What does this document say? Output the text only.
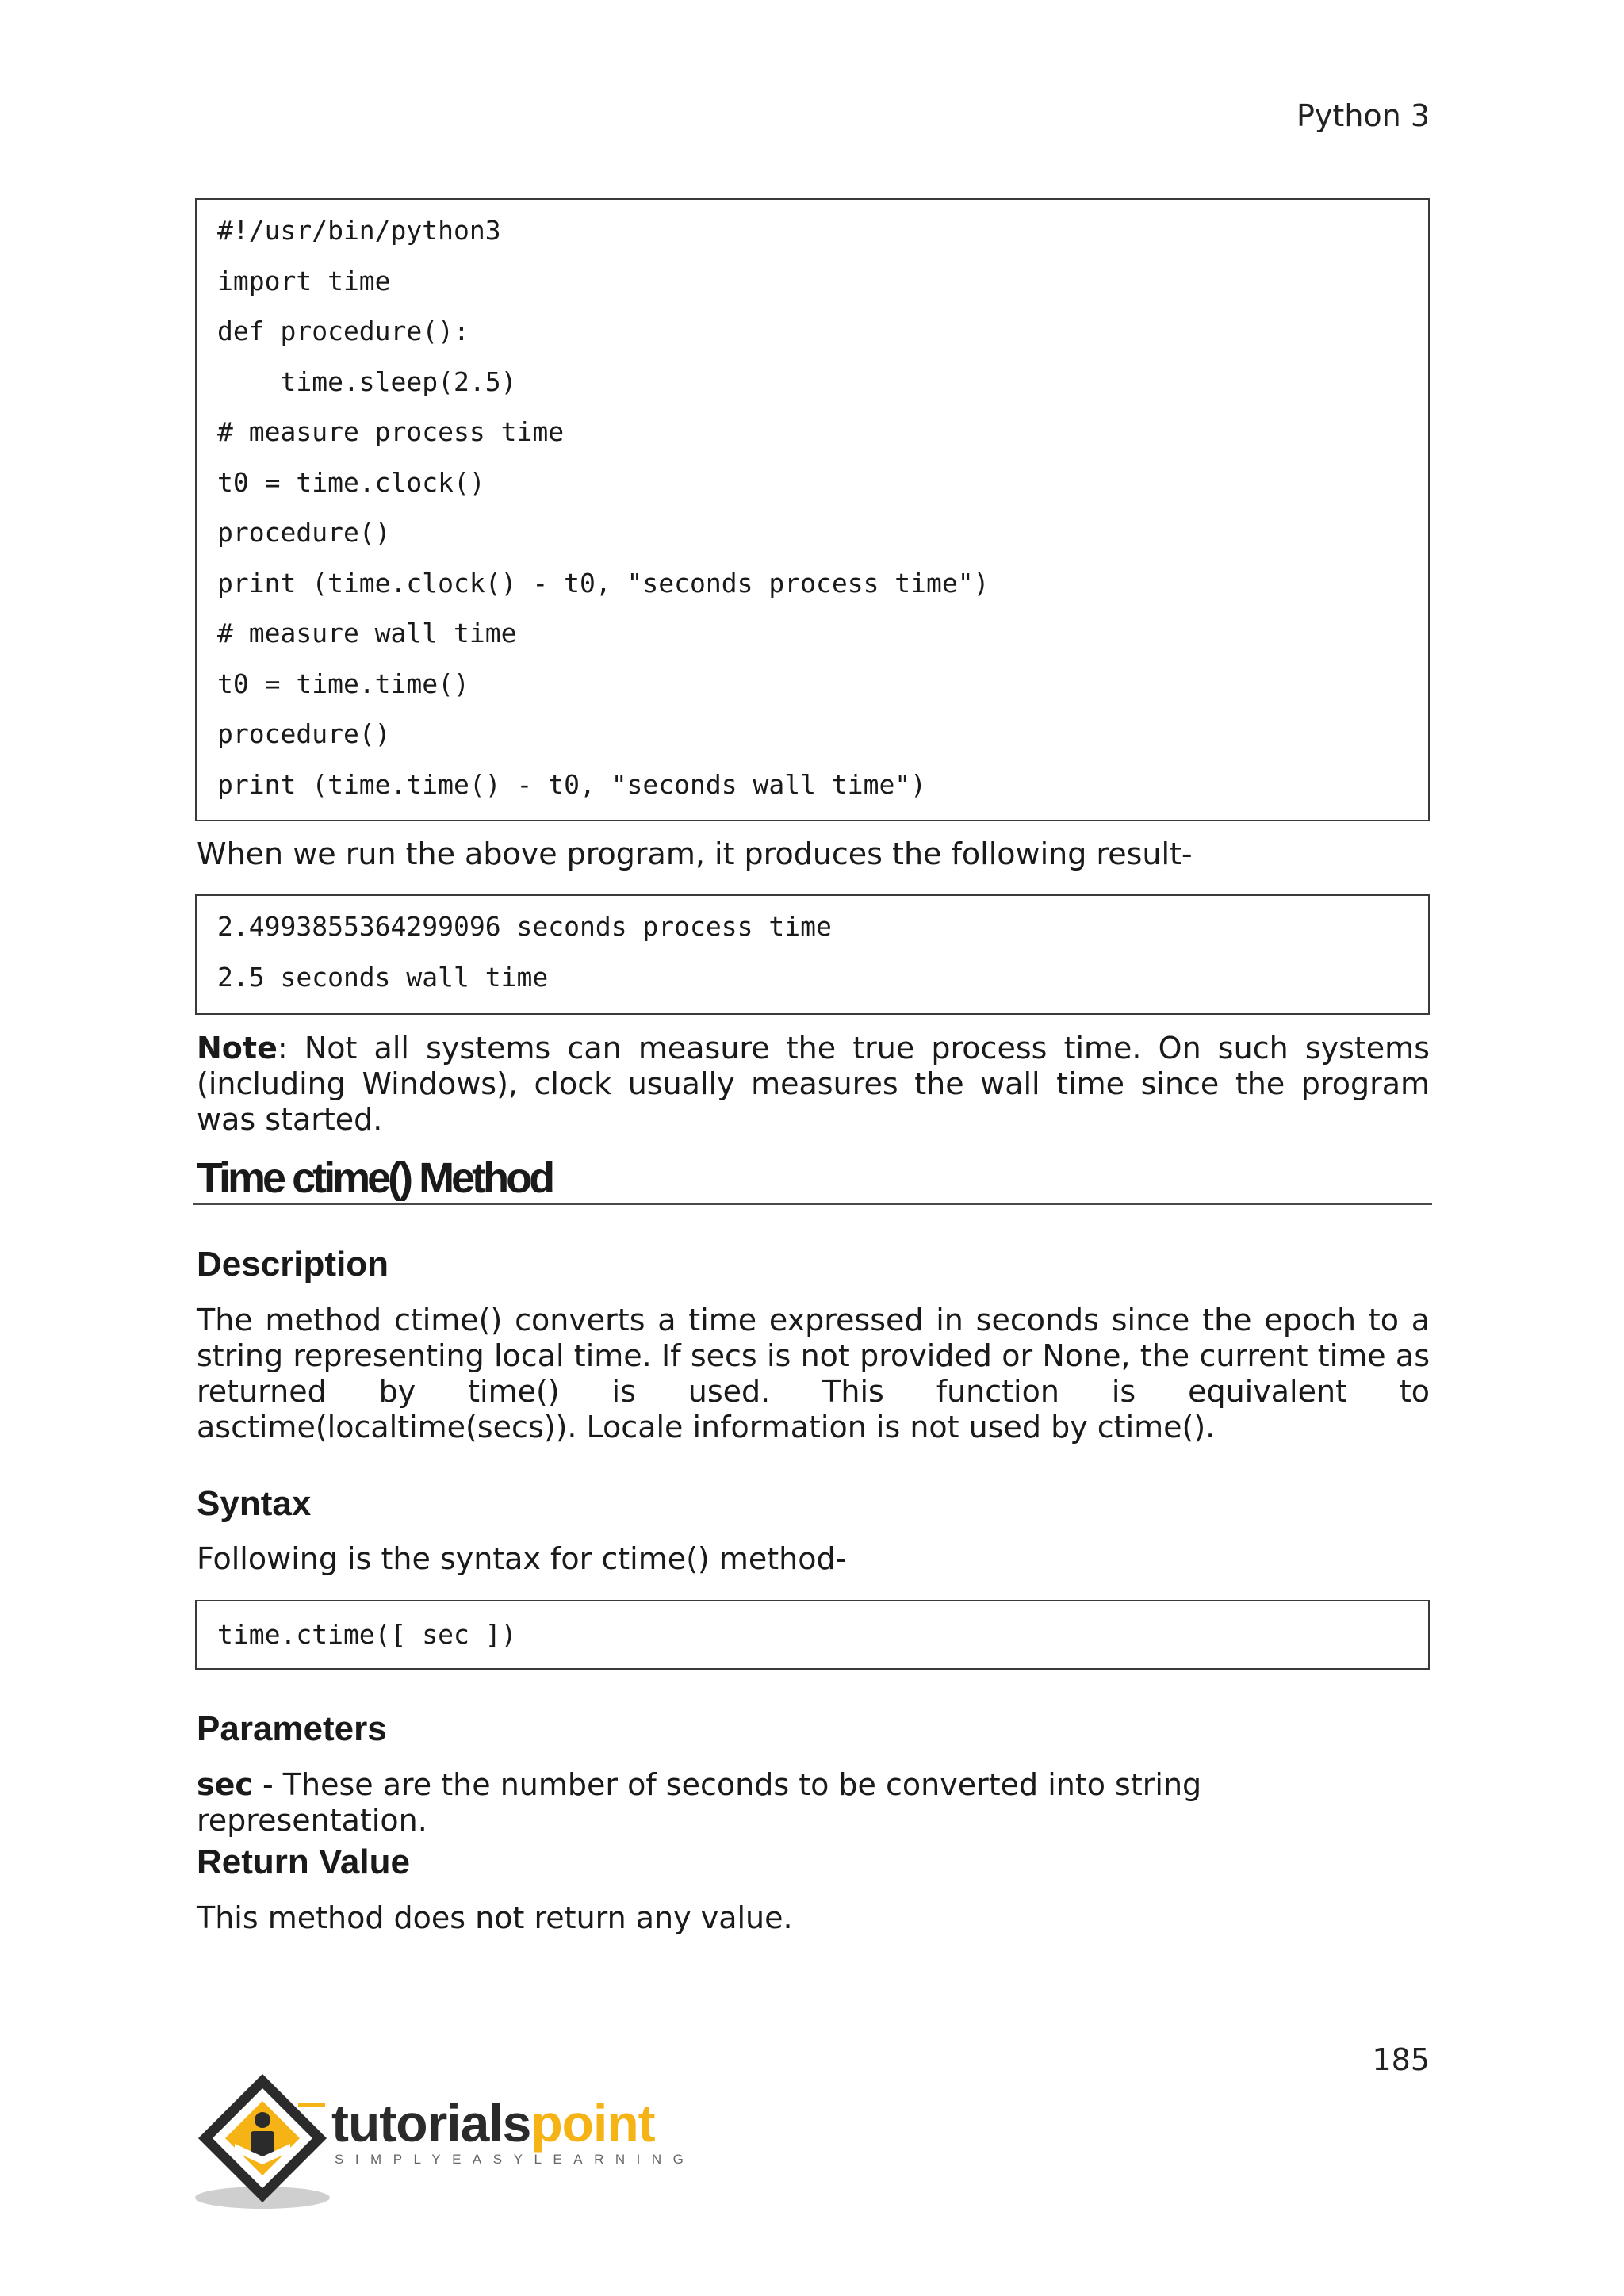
Python 3
#!/usr/bin/python3
import time
def procedure():
time.sleep(2.5)
# measure process time
t0 = time.clock()
procedure()
print (time.clock() - t0, "seconds process time")
# measure wall time
t0 = time.time()
procedure()
print (time.time() - t0, "seconds wall time")
When we run the above program, it produces the following result-
2.4993855364299096 seconds process time
2.5 seconds wall time
Note: Not all systems can measure the true process time. On such systems (including Windows), clock usually measures the wall time since the program was started.
Time ctime() Method
Description
The method ctime() converts a time expressed in seconds since the epoch to a string representing local time. If secs is not provided or None, the current time as returned by time() is used. This function is equivalent to asctime(localtime(secs)). Locale information is not used by ctime().
Syntax
Following is the syntax for ctime() method-
time.ctime([ sec ])
Parameters
sec - These are the number of seconds to be converted into string representation.
Return Value
This method does not return any value.
185
tutorialspoint
SIMPLYEASYLEARNING
